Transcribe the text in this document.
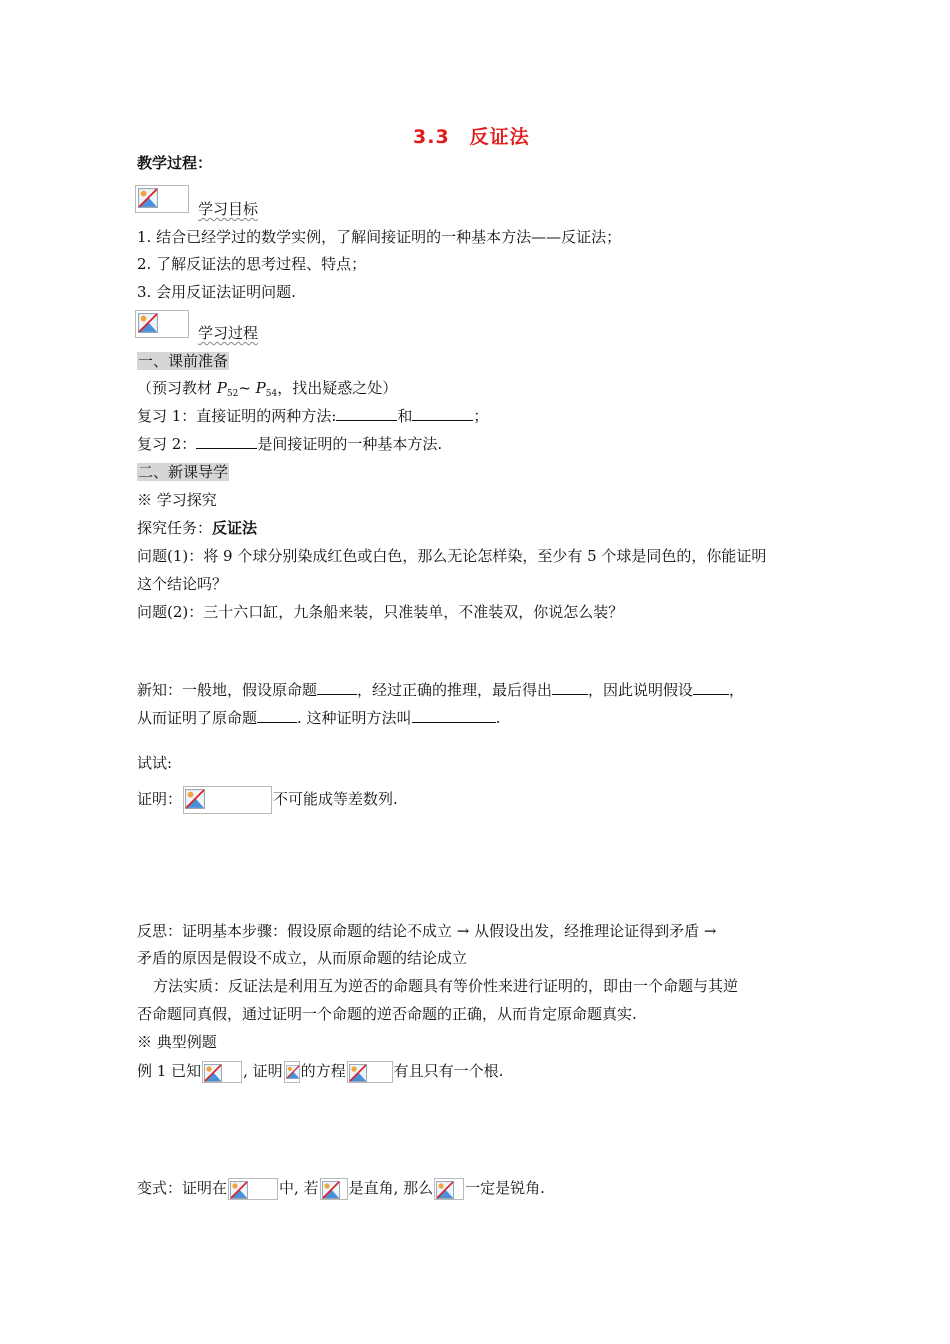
3.3　反证法
教学过程：
学习目标
1. 结合已经学过的数学实例，了解间接证明的一种基本方法——反证法；
2. 了解反证法的思考过程、特点；
3. 会用反证法证明问题.
学习过程
一、课前准备
（预习教材 $P_{52}\sim$ $P_{54}$，找出疑惑之处）
复习 1：直接证明的两种方法:	和	；
复习 2：	是间接证明的一种基本方法.
二、新课导学
※ 学习探究
探究任务：反证法
问题(1)：将 9 个球分别染成红色或白色，那么无论怎样染，至少有 5 个球是同色的，你能证明
这个结论吗？
问题(2)：三十六口缸，九条船来装，只准装单，不准装双，你说怎么装？
新知：一般地，假设原命题	，经过正确的推理，最后得出 ，因此说明假设 ，
从而证明了原命题	. 这种证明方法叫	.
试试:
证明：	不可能成等差数列.
反思：证明基本步骤：假设原命题的结论不成立 → 从假设出发，经推理论证得到矛盾 →
矛盾的原因是假设不成立，从而原命题的结论成立
方法实质：反证法是利用互为逆否的命题具有等价性来进行证明的，即由一个命题与其逆
否命题同真假，通过证明一个命题的逆否命题的正确，从而肯定原命题真实.
※ 典型例题
例 1 已知	, 证明 的方程	有且只有一个根.
变式：证明在	中, 若 是直角, 那么 一定是锐角.
